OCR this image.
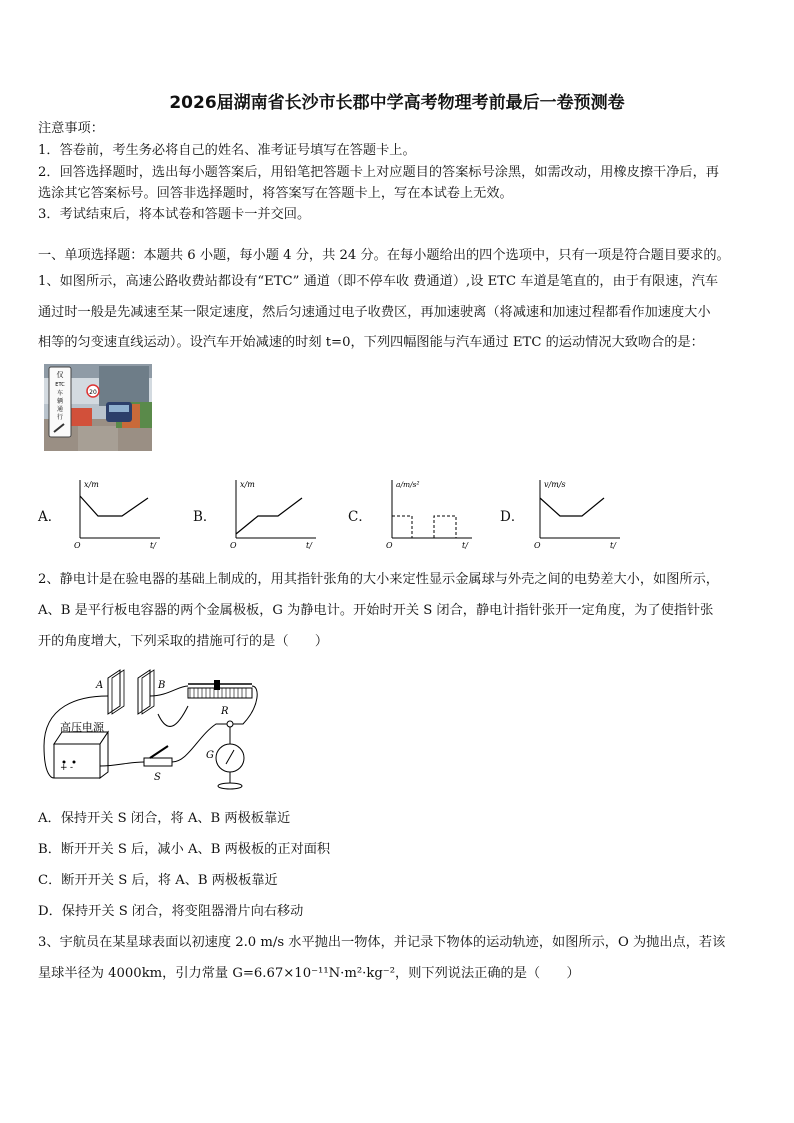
2026届湖南省长沙市长郡中学高考物理考前最后一卷预测卷
注意事项：
1．答卷前，考生务必将自己的姓名、准考证号填写在答题卡上。
2．回答选择题时，选出每小题答案后，用铅笔把答题卡上对应题目的答案标号涂黑，如需改动，用橡皮擦干净后，再
选涂其它答案标号。回答非选择题时，将答案写在答题卡上，写在本试卷上无效。
3．考试结束后，将本试卷和答题卡一并交回。
一、单项选择题：本题共 6 小题，每小题 4 分，共 24 分。在每小题给出的四个选项中，只有一项是符合题目要求的。
1、如图所示，高速公路收费站都设有“ETC” 通道（即不停车收 费通道）,设 ETC 车道是笔直的，由于有限速，汽车
通过时一般是先减速至某一限定速度，然后匀速通过电子收费区，再加速驶离（将减速和加速过程都看作加速度大小
相等的匀变速直线运动）。设汽车开始减速的时刻 t=0，下列四幅图能与汽车通过 ETC 的运动情况大致吻合的是：
仅
ETC
车
辆
通
行
20
A．	B．	C．	D．
x/m
O	t/
x/m
O	t/
a/m/s²
O	t/
v/m/s
O	t/
2、静电计是在验电器的基础上制成的，用其指针张角的大小来定性显示金属球与外壳之间的电势差大小，如图所示，
A、B 是平行板电容器的两个金属极板，G 为静电计。开始时开关 S 闭合，静电计指针张开一定角度，为了使指针张
开的角度增大，下列采取的措施可行的是（　　）
A	B
R
G
高压电源
+ -
S
A．保持开关 S 闭合，将 A、B 两极板靠近
B．断开开关 S 后，减小 A、B 两极板的正对面积
C．断开开关 S 后，将 A、B 两极板靠近
D．保持开关 S 闭合，将变阻器滑片向右移动
3、宇航员在某星球表面以初速度 2.0 m/s 水平抛出一物体，并记录下物体的运动轨迹，如图所示，O 为抛出点，若该
星球半径为 4000km，引力常量 G=6.67×10⁻¹¹N·m²·kg⁻²，则下列说法正确的是（　　）
